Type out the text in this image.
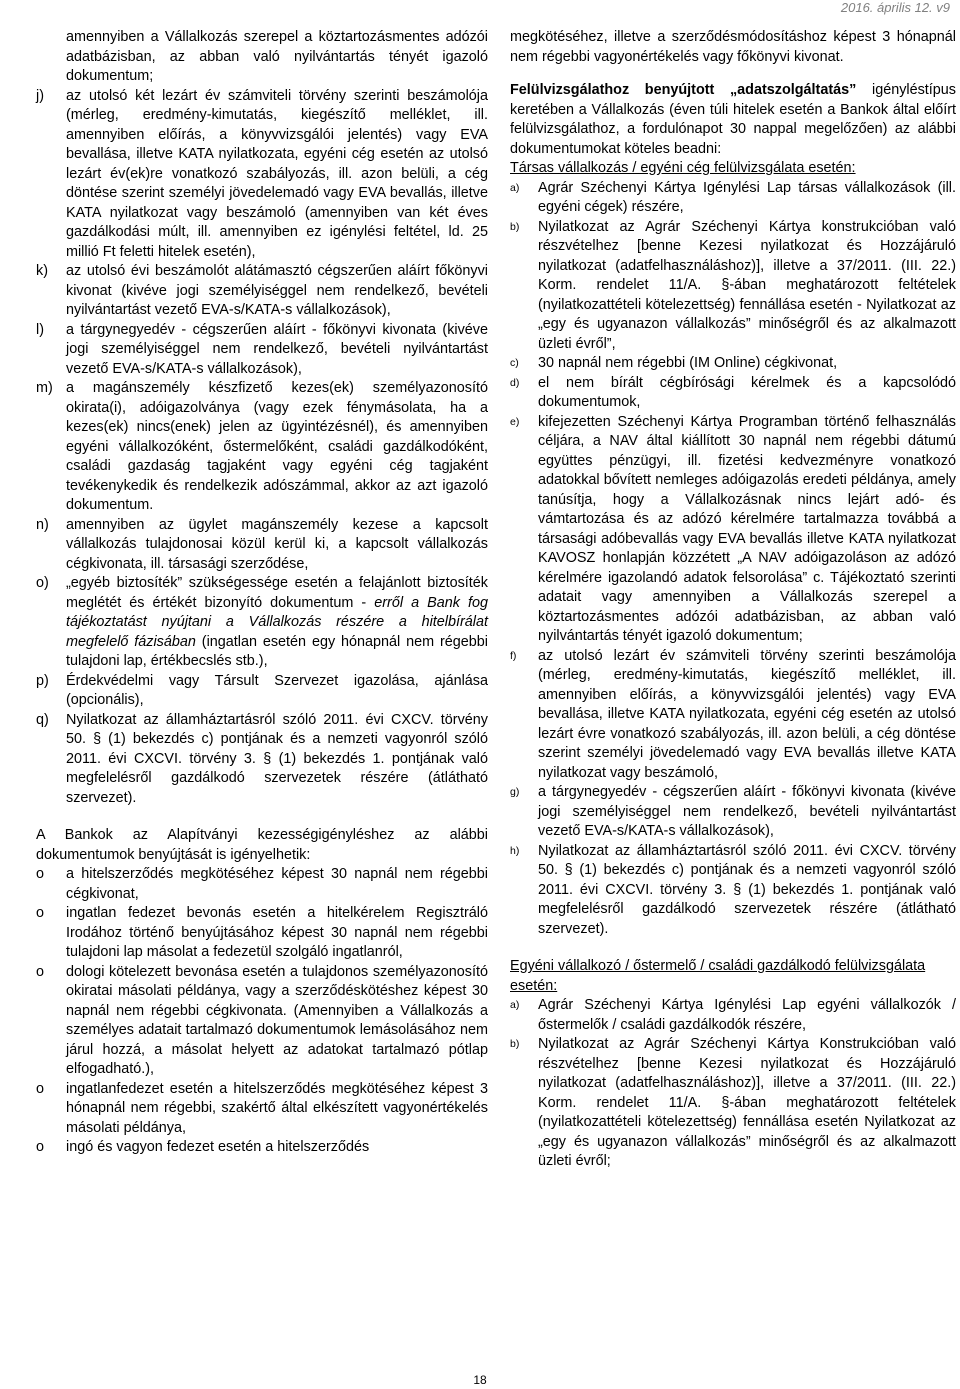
2016. április 12. v9
amennyiben a Vállalkozás szerepel a köztartozásmentes adózói adatbázisban, az abban való nyilvántartás tényét igazoló dokumentum;
j)	az utolsó két lezárt év számviteli törvény szerinti beszámolója (mérleg, eredmény-kimutatás, kiegészítő melléklet, ill. amennyiben előírás, a könyvvizsgálói jelentés) vagy EVA bevallása, illetve KATA nyilatkozata, egyéni cég esetén az utolsó lezárt év(ek)re vonatkozó szabályozás, ill. azon belüli, a cég döntése szerint személyi jövedelemadó vagy EVA bevallás, illetve KATA nyilatkozat vagy beszámoló (amennyiben van két éves gazdálkodási múlt, ill. amennyiben ez igénylési feltétel, ld. 25 millió Ft feletti hitelek esetén),
k)	az utolsó évi beszámolót alátámasztó cégszerűen aláírt főkönyvi kivonat (kivéve jogi személyiséggel nem rendelkező, bevételi nyilvántartást vezető EVA-s/KATA-s vállalkozások),
l)	a tárgynegyedév - cégszerűen aláírt - főkönyvi kivonata (kivéve jogi személyiséggel nem rendelkező, bevételi nyilvántartást vezető EVA-s/KATA-s vállalkozások),
m) a magánszemély készfizető kezes(ek) személyazonosító okirata(i), adóigazolványa (vagy ezek fénymásolata, ha a kezes(ek) nincs(enek) jelen az ügyintézésnél), és amennyiben egyéni vállalkozóként, őstermelőként, családi gazdálkodóként, családi gazdaság tagjaként vagy egyéni cég tagjaként tevékenykedik és rendelkezik adószámmal, akkor az azt igazoló dokumentum.
n)	amennyiben az ügylet magánszemély kezese a kapcsolt vállalkozás tulajdonosai közül kerül ki, a kapcsolt vállalkozás cégkivonata, ill. társasági szerződése,
o)	„egyéb biztosíték” szükségessége esetén a felajánlott biztosíték meglétét és értékét bizonyító dokumentum - erről a Bank fog tájékoztatást nyújtani a Vállalkozás részére a hitelbírálat megfelelő fázisában (ingatlan esetén egy hónapnál nem régebbi tulajdoni lap, értékbecslés stb.),
p)	Érdekvédelmi vagy Társult Szervezet igazolása, ajánlása (opcionális),
q)	Nyilatkozat az államháztartásról szóló 2011. évi CXCV. törvény 50. § (1) bekezdés c) pontjának és a nemzeti vagyonról szóló 2011. évi CXCVI. törvény 3. § (1) bekezdés 1. pontjának való megfelelésről gazdálkodó szervezetek részére (átlátható szervezet).

A Bankok az Alapítványi kezességigényléshez az alábbi dokumentumok benyújtását is igényelhetik:

o	a hitelszerződés megkötéséhez képest 30 napnál nem régebbi cégkivonat,
o	ingatlan fedezet bevonás esetén a hitelkérelem Regisztráló Irodához történő benyújtásához képest 30 napnál nem régebbi tulajdoni lap másolat a fedezetül szolgáló ingatlanról,
o	dologi kötelezett bevonása esetén a tulajdonos személyazonosító okiratai másolati példánya, vagy a szerződéskötéshez képest 30 napnál nem régebbi cégkivonata. (Amennyiben a Vállalkozás a személyes adatait tartalmazó dokumentumok lemásolásához nem járul hozzá, a másolat helyett az adatokat tartalmazó pótlap elfogadható.),
o	ingatlanfedezet esetén a hitelszerződés megkötéséhez képest 3 hónapnál nem régebbi, szakértő által elkészített vagyonértékelés másolati példánya,
o	ingó és vagyon fedezet esetén a hitelszerződés

megkötéséhez, illetve a szerződésmódosításhoz képest 3 hónapnál nem régebbi vagyonértékelés vagy főkönyvi kivonat.

Felülvizsgálathoz benyújtott „adatszolgáltatás” igényléstípus keretében a Vállalkozás (éven túli hitelek esetén a Bankok által előírt felülvizsgálathoz, a fordulónapot 30 nappal megelőzően) az alábbi dokumentumokat köteles beadni:

Társas vállalkozás / egyéni cég felülvizsgálata esetén:
a)	Agrár Széchenyi Kártya Igénylési Lap társas vállalkozások (ill. egyéni cégek) részére,
b)	Nyilatkozat az Agrár Széchenyi Kártya konstrukcióban való részvételhez [benne Kezesi nyilatkozat és Hozzájáruló nyilatkozat (adatfelhasználáshoz)], illetve a 37/2011. (III. 22.) Korm. rendelet 11/A. §-ában meghatározott feltételek (nyilatkozattételi kötelezettség) fennállása esetén - Nyilatkozat az „egy és ugyanazon vállalkozás” minőségről és az alkalmazott üzleti évről”,
c)	30 napnál nem régebbi (IM Online) cégkivonat,
d)	el nem bírált cégbírósági kérelmek és a kapcsolódó dokumentumok,
e)	kifejezetten Széchenyi Kártya Programban történő felhasználás céljára, a NAV által kiállított 30 napnál nem régebbi dátumú együttes pénzügyi, ill. fizetési kedvezményre vonatkozó adatokkal bővített nemleges adóigazolás eredeti példánya, amely tanúsítja, hogy a Vállalkozásnak nincs lejárt adó- és vámtartozása és az adózó kérelmére tartalmazza továbbá a társasági adóbevallás vagy EVA bevallás illetve KATA nyilatkozat KAVOSZ honlapján közzétett „A NAV adóigazoláson az adózó kérelmére igazolandó adatok felsorolása” c. Tájékoztató szerinti adatait vagy amennyiben a Vállalkozás szerepel a köztartozásmentes adózói adatbázisban, az abban való nyilvántartás tényét igazoló dokumentum;
f)	az utolsó lezárt év számviteli törvény szerinti beszámolója (mérleg, eredmény-kimutatás, kiegészítő melléklet, ill. amennyiben előírás, a könyvvizsgálói jelentés) vagy EVA bevallása, illetve KATA nyilatkozata, egyéni cég esetén az utolsó lezárt évre vonatkozó szabályozás, ill. azon belüli, a cég döntése szerint személyi jövedelemadó vagy EVA bevallás illetve KATA nyilatkozat vagy beszámoló,
g)	a tárgynegyedév - cégszerűen aláírt - főkönyvi kivonata (kivéve jogi személyiséggel nem rendelkező, bevételi nyilvántartást vezető EVA-s/KATA-s vállalkozások),
h)	Nyilatkozat az államháztartásról szóló 2011. évi CXCV. törvény 50. § (1) bekezdés c) pontjának és a nemzeti vagyonról szóló 2011. évi CXCVI. törvény 3. § (1) bekezdés 1. pontjának való megfelelésről gazdálkodó szervezetek részére (átlátható szervezet).
Egyéni vállalkozó / őstermelő / családi gazdálkodó felülvizsgálata esetén:
a)	Agrár Széchenyi Kártya Igénylési Lap egyéni vállalkozók / őstermelők / családi gazdálkodók részére,
b)	Nyilatkozat az Agrár Széchenyi Kártya Konstrukcióban való részvételhez [benne Kezesi nyilatkozat és Hozzájáruló nyilatkozat (adatfelhasználáshoz)], illetve a 37/2011. (III. 22.) Korm. rendelet 11/A. §-ában meghatározott feltételek (nyilatkozattételi kötelezettség) fennállása esetén Nyilatkozat az „egy és ugyanazon vállalkozás” minőségről és az alkalmazott üzleti évről;
18
